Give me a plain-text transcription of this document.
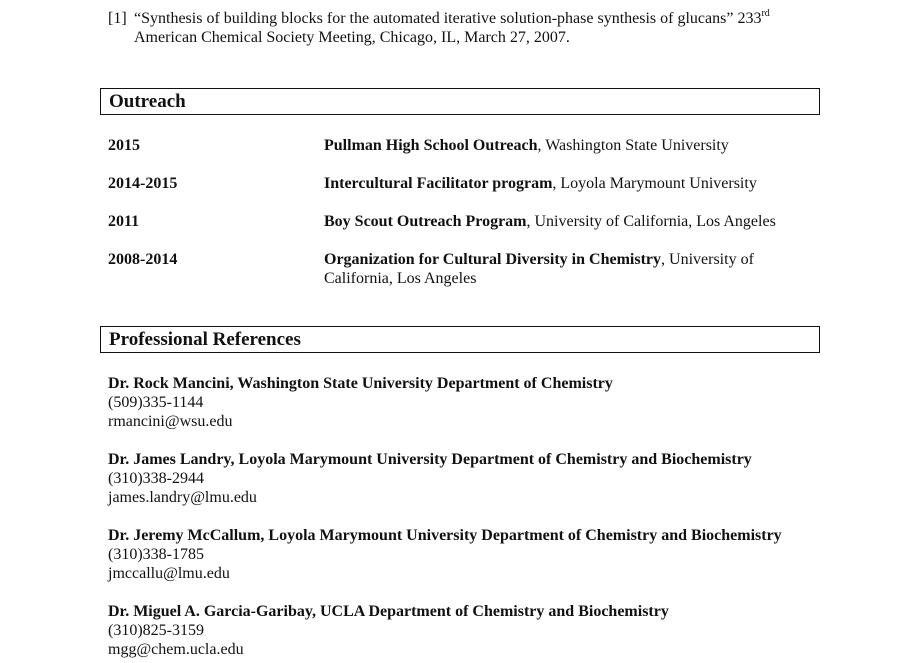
[1] “Synthesis of building blocks for the automated iterative solution-phase synthesis of glucans” 233rd
American Chemical Society Meeting, Chicago, IL, March 27, 2007.
Outreach
2015	Pullman High School Outreach, Washington State University
2014-2015	Intercultural Facilitator program, Loyola Marymount University
2011	Boy Scout Outreach Program, University of California, Los Angeles
2008-2014	Organization for Cultural Diversity in Chemistry, University of California, Los Angeles
Professional References
Dr. Rock Mancini, Washington State University Department of Chemistry
(509)335-1144
rmancini@wsu.edu
Dr. James Landry, Loyola Marymount University Department of Chemistry and Biochemistry
(310)338-2944
james.landry@lmu.edu
Dr. Jeremy McCallum, Loyola Marymount University Department of Chemistry and Biochemistry
(310)338-1785
jmccallu@lmu.edu
Dr. Miguel A. Garcia-Garibay, UCLA Department of Chemistry and Biochemistry
(310)825-3159
mgg@chem.ucla.edu
